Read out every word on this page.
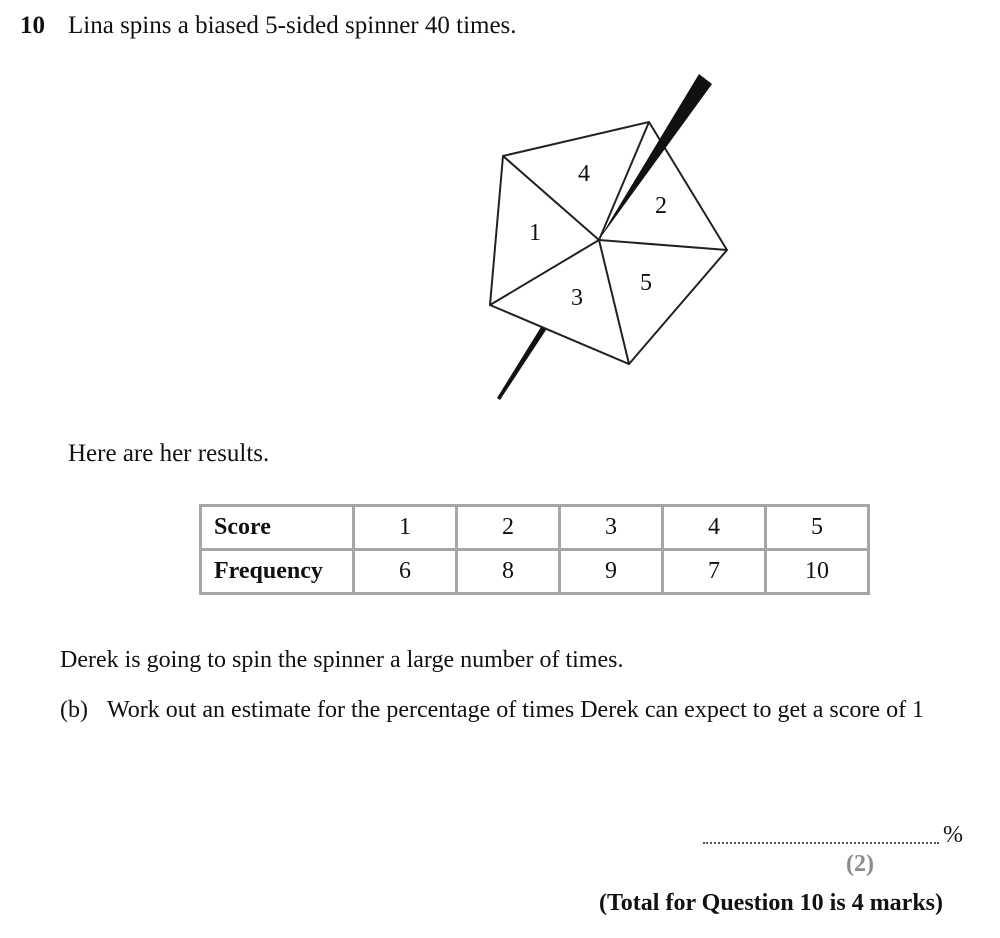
10 Lina spins a biased 5-sided spinner 40 times.
4
2
1
3
5
Here are her results.
Score	1	2	3	4	5
Frequency	6	8	9	7	10
Derek is going to spin the spinner a large number of times.
(b) Work out an estimate for the percentage of times Derek can expect to get a score of 1
%
(2)
(Total for Question 10 is 4 marks)
